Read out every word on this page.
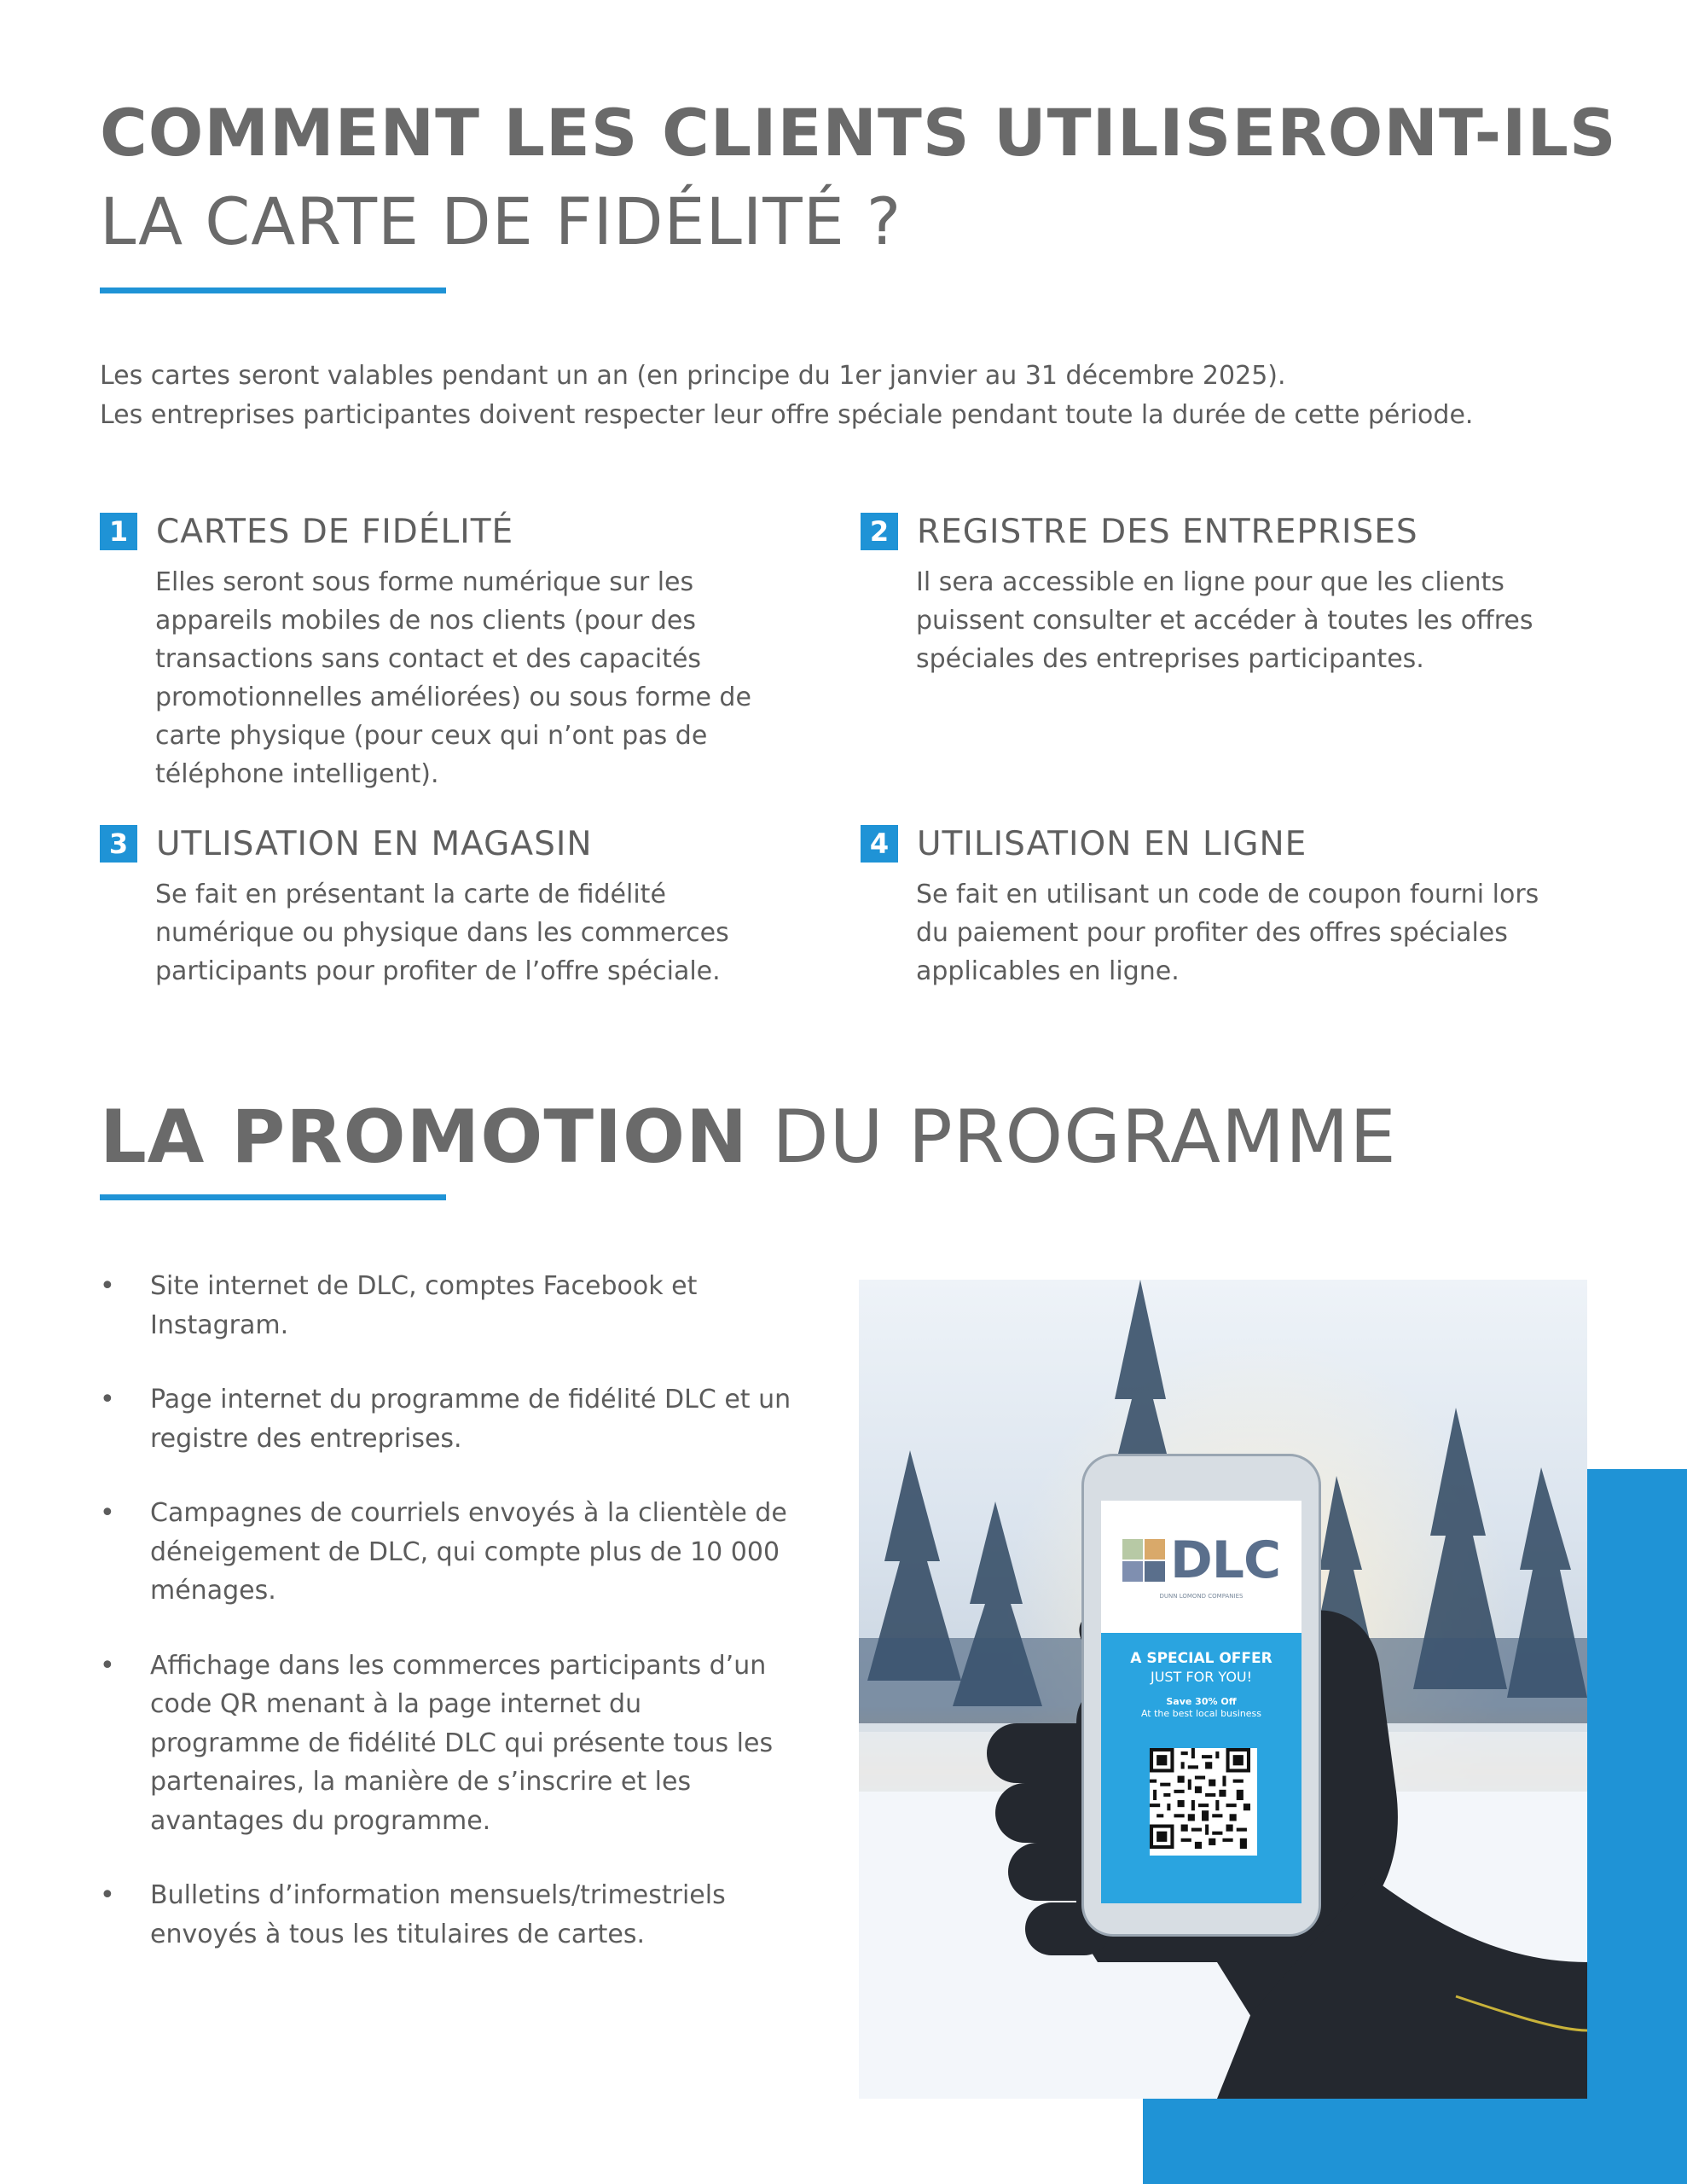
COMMENT LES CLIENTS UTILISERONT-ILS
LA CARTE DE FIDÉLITÉ ?

Les cartes seront valables pendant un an (en principe du 1er janvier au 31 décembre 2025).

Les entreprises participantes doivent respecter leur offre spéciale pendant toute la durée de cette période.

1 CARTES DE FIDÉLITÉ
Elles seront sous forme numérique sur les appareils mobiles de nos clients (pour des transactions sans contact et des capacités promotionnelles améliorées) ou sous forme de carte physique (pour ceux qui n’ont pas de téléphone intelligent).
2 REGISTRE DES ENTREPRISES
Il sera accessible en ligne pour que les clients puissent consulter et accéder à toutes les offres spéciales des entreprises participantes.
3 UTLISATION EN MAGASIN
Se fait en présentant la carte de fidélité numérique ou physique dans les commerces participants pour profiter de l’offre spéciale.
4 UTILISATION EN LIGNE
Se fait en utilisant un code de coupon fourni lors du paiement pour profiter des offres spéciales applicables en ligne.
LA PROMOTION DU PROGRAMME
• Site internet de DLC, comptes Facebook et Instagram.
• Page internet du programme de fidélité DLC et un registre des entreprises.
• Campagnes de courriels envoyés à la clientèle de déneigement de DLC, qui compte plus de 10 000 ménages.
• Affichage dans les commerces participants d’un code QR menant à la page internet du programme de fidélité DLC qui présente tous les partenaires, la manière de s’inscrire et les avantages du programme.
• Bulletins d’information mensuels/trimestriels envoyés à tous les titulaires de cartes.
DLC
DUNN LOMOND COMPANIES
A SPECIAL OFFER
JUST FOR YOU!
Save 30% Off
At the best local business
